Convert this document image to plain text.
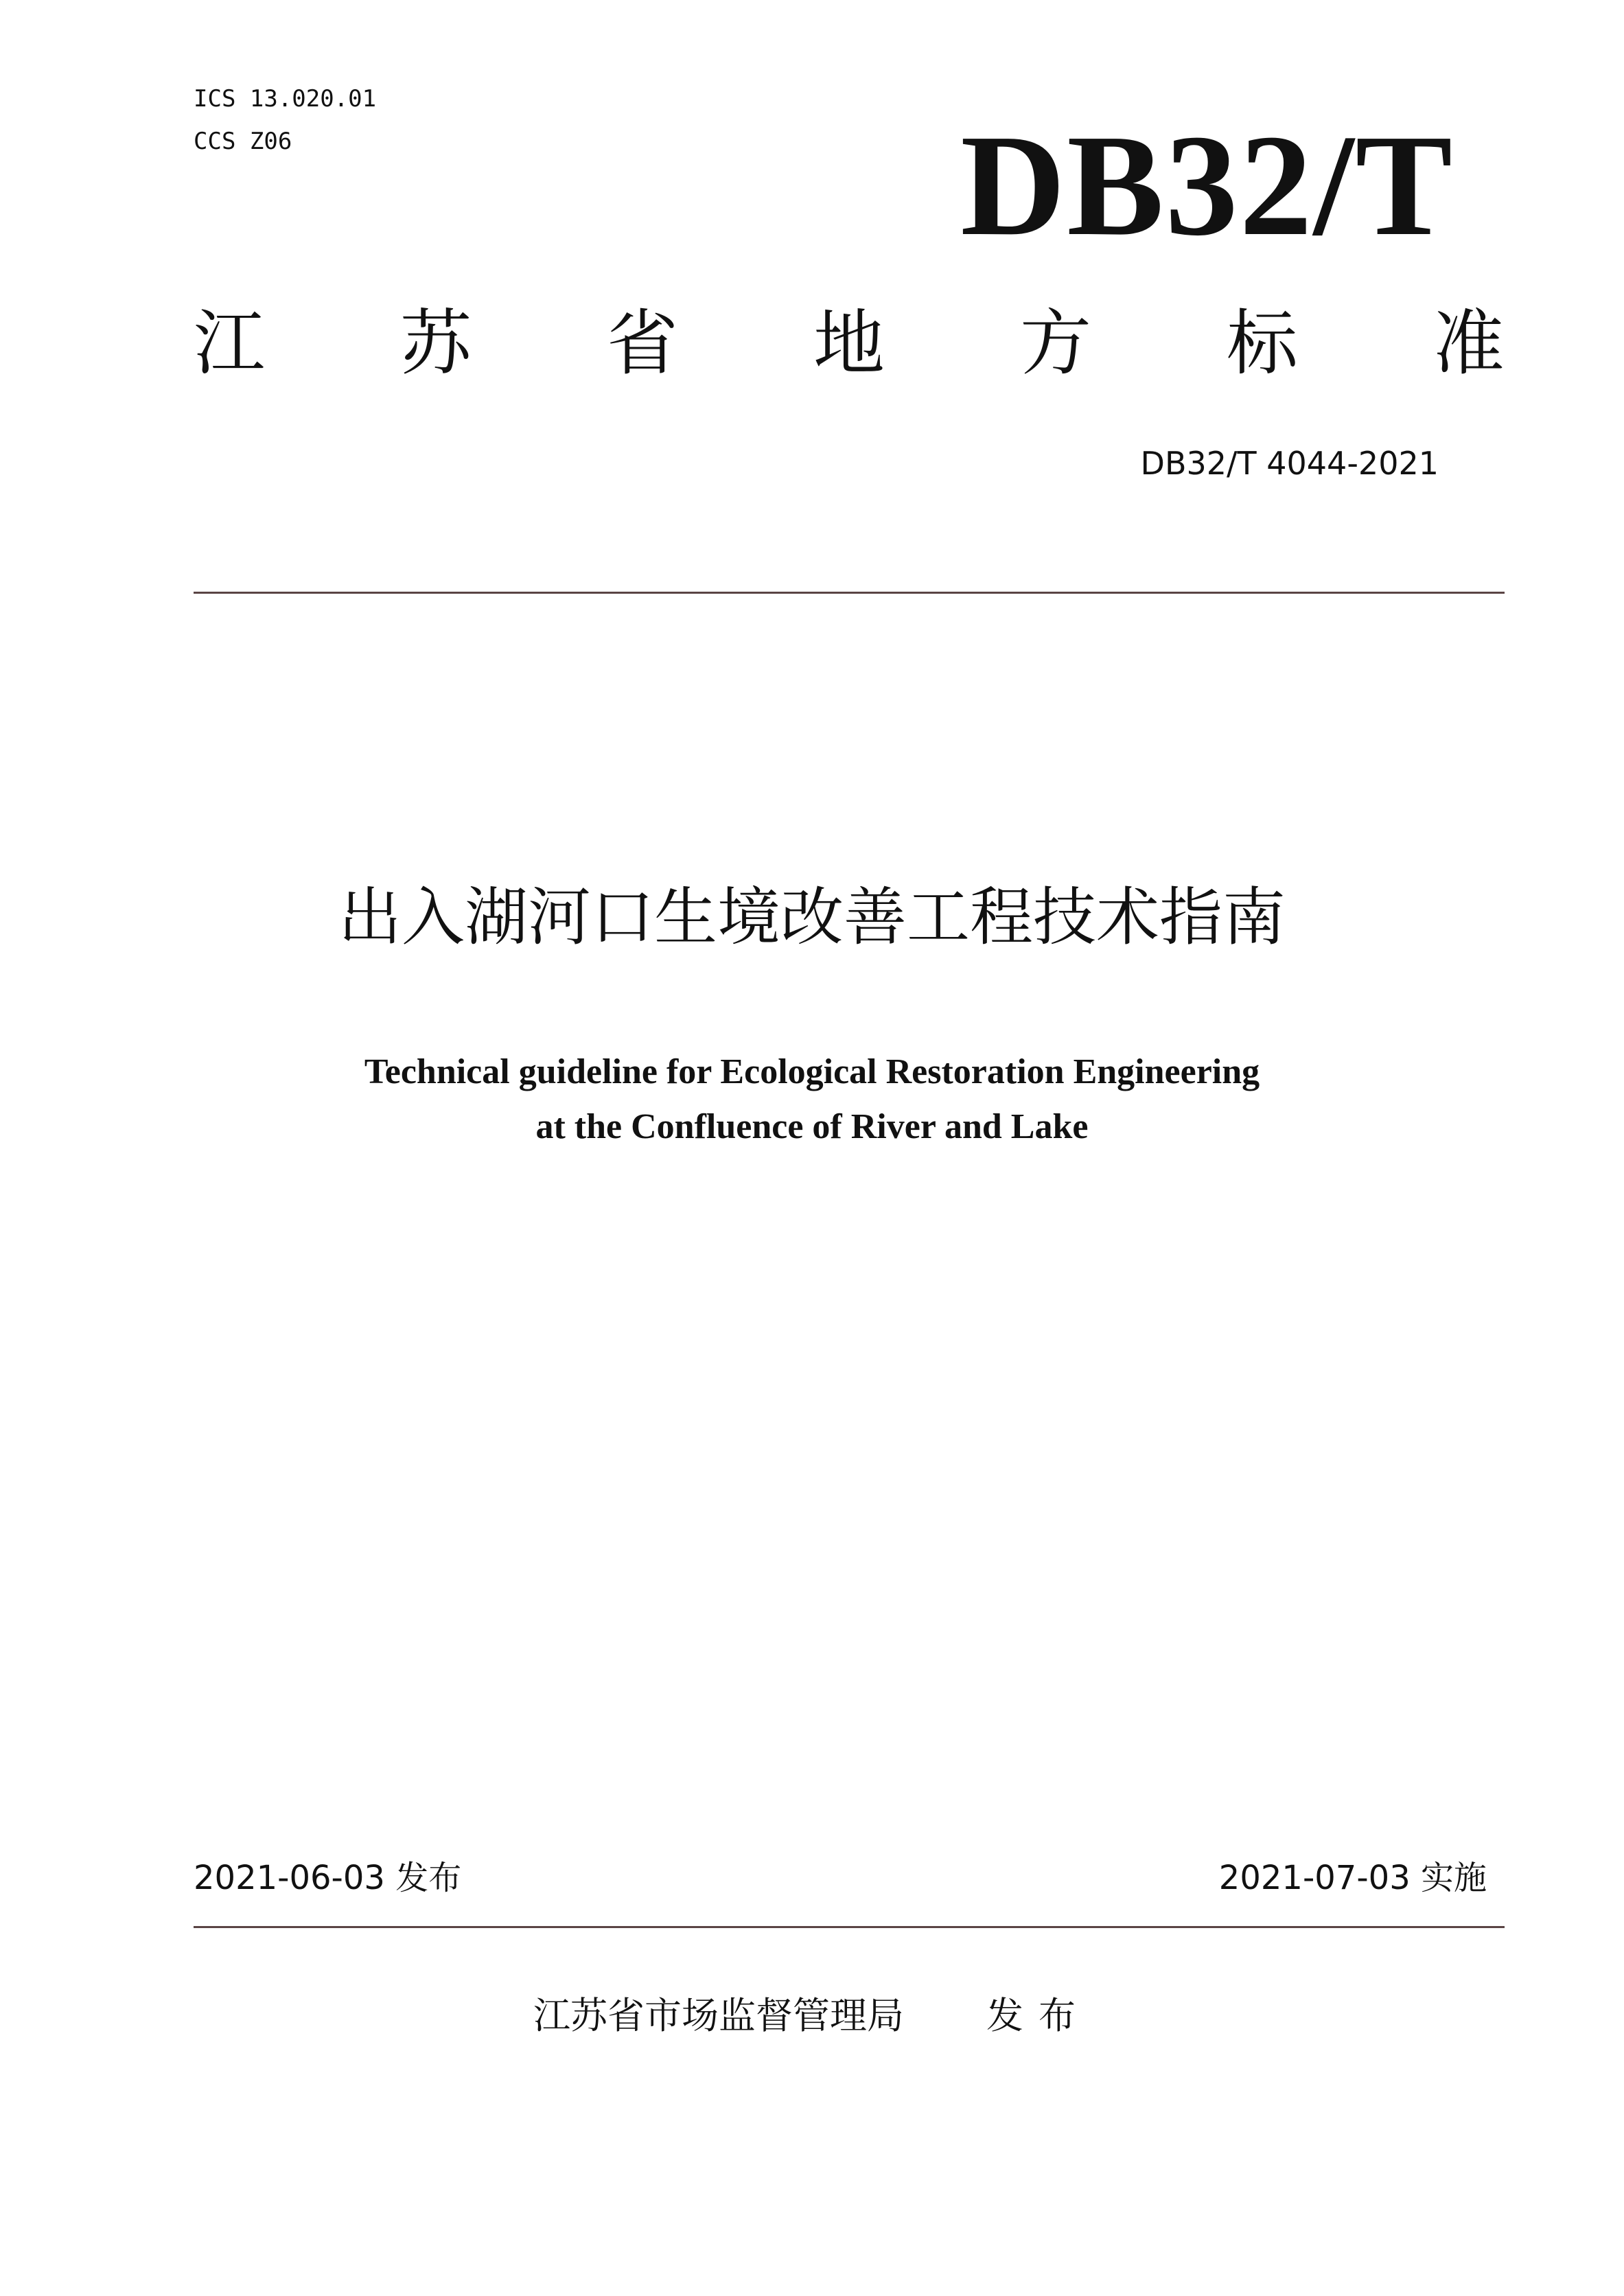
ICS 13.020.01
CCS Z06	DB32/T
江 苏 省 地 方 标 准
DB32/T 4044-2021
出入湖河口生境改善工程技术指南
Technical guideline for Ecological Restoration Engineering
at the Confluence of River and Lake
2021-06-03 发布	2021-07-03 实施
江苏省市场监督管理局 发布
